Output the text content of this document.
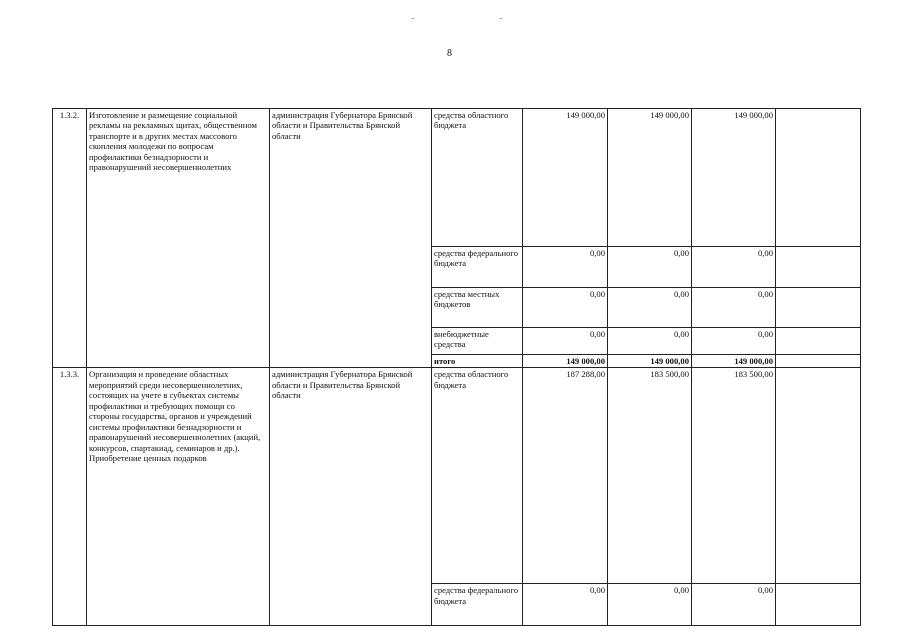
8
1.3.2.	Изготовление и размещение социальной рекламы на рекламных щитах, общественном транспорте и в других местах массового скопления молодежи по вопросам профилактики безнадзорности и правонарушений несовершеннолетних	администрация Губернатора Брянской области и Правительства Брянской области	средства областного бюджета	149 000,00	149 000,00	149 000,00	
			средства федерального бюджета	0,00	0,00	0,00	
			средства местных бюджетов	0,00	0,00	0,00	
			внебюджетные средства	0,00	0,00	0,00	
			итого	149 000,00	149 000,00	149 000,00	
1.3.3.	Организация и проведение областных мероприятий среди несовершеннолетних, состоящих на учете в субъектах системы профилактики и требующих помощи со стороны государства, органов и учреждений системы профилактики безнадзорности и правонарушений несовершеннолетних (акций, конкурсов, спартакиад, семинаров и др.). Приобретение ценных подарков	администрация Губернатора Брянской области и Правительства Брянской области	средства областного бюджета	187 288,00	183 500,00	183 500,00	
			средства федерального бюджета	0,00	0,00	0,00	
